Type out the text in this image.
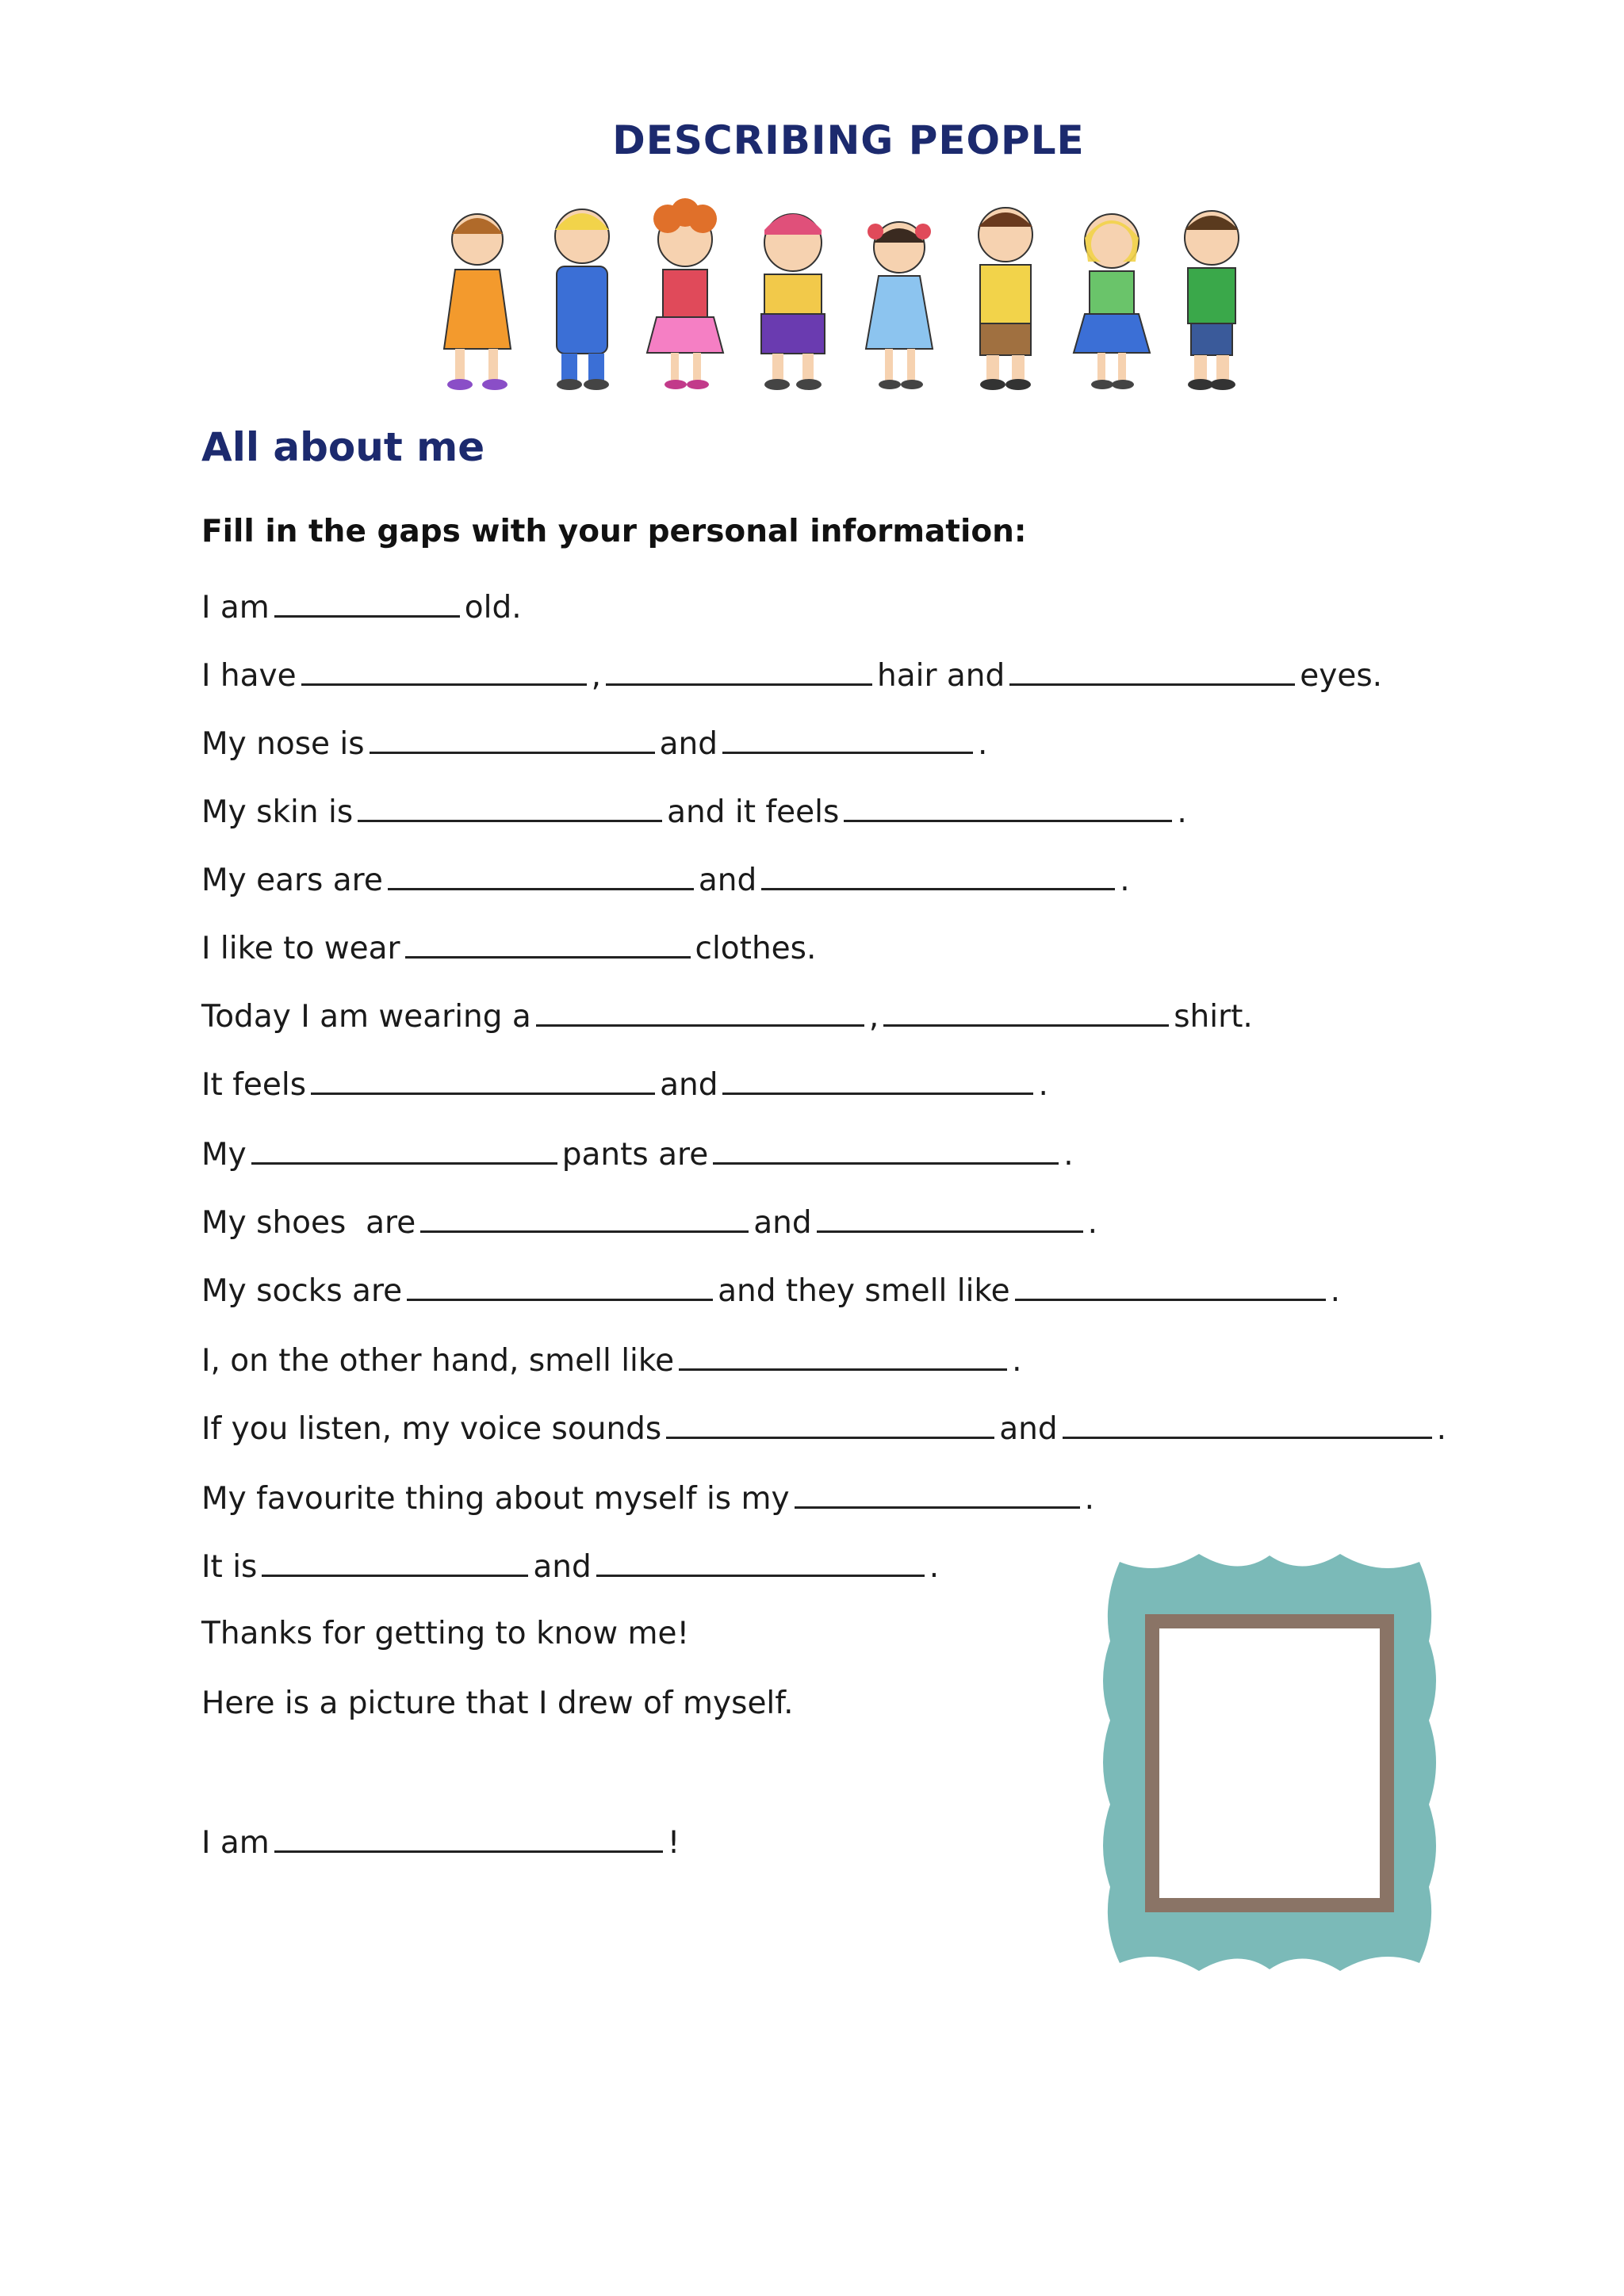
DESCRIBING PEOPLE
All about me
Fill in the gaps with your personal information:
I am	old.
I have	,	hair and	eyes.
My nose is	and	.
My skin is	and it feels	.
My ears are	and	.
I like to wear	clothes.
Today I am wearing a	,	shirt.
It feels	and	.
My	pants are	.
My shoes  are	and	.
My socks are	and they smell like	.
I, on the other hand, smell like	.
If you listen, my voice sounds	and	.
My favourite thing about myself is my	.
It is	and	.
Thanks for getting to know me!
Here is a picture that I drew of myself.
I am	!
